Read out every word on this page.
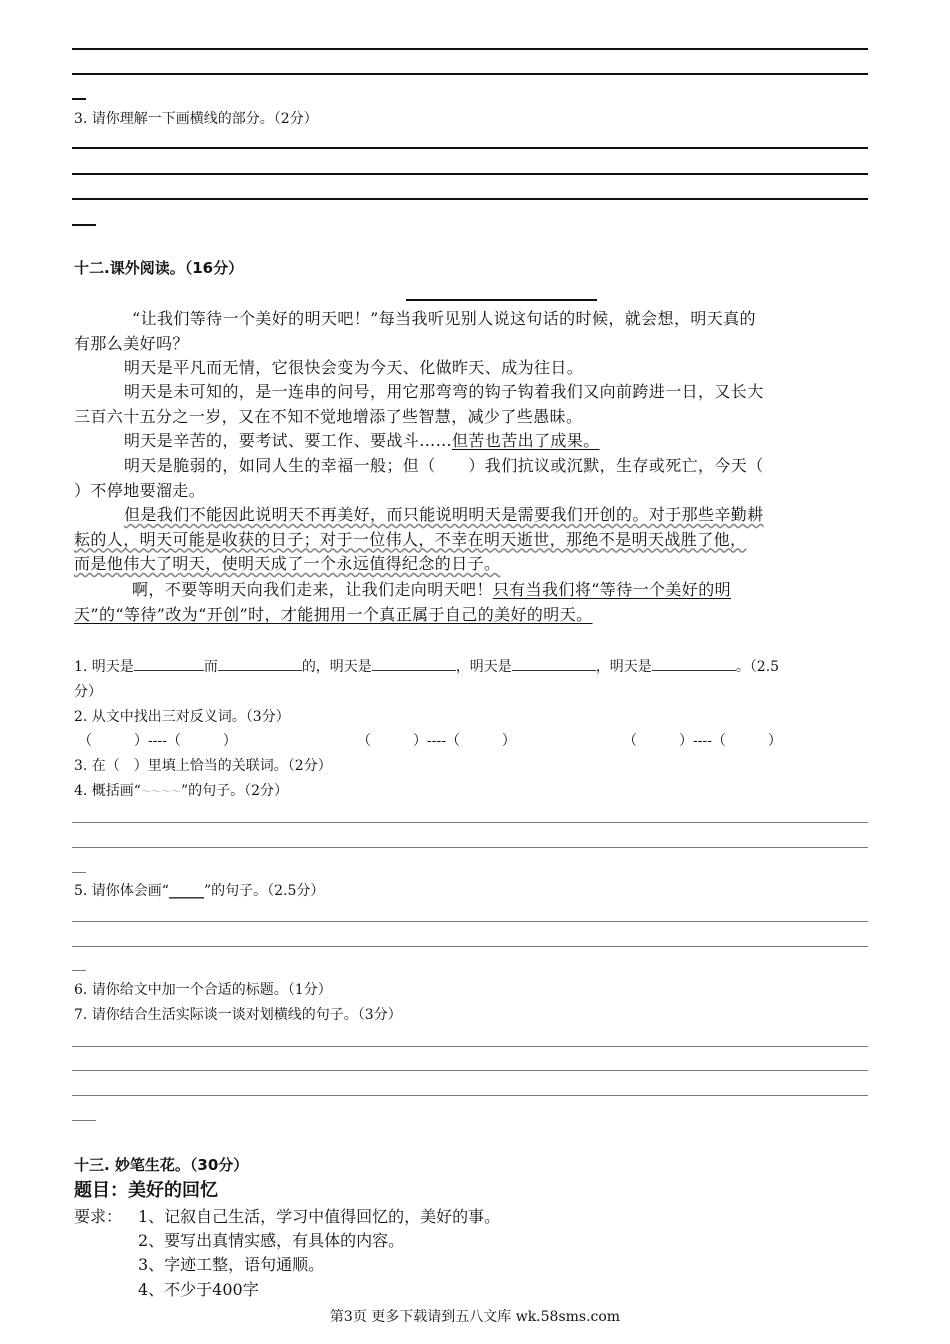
3. 请你理解一下画横线的部分。（2分）
十二.课外阅读。（16分）
“让我们等待一个美好的明天吧！”每当我听见别人说这句话的时候，就会想，明天真的
有那么美好吗？
明天是平凡而无情，它很快会变为今天、化做昨天、成为往日。
明天是未可知的，是一连串的问号，用它那弯弯的钩子钩着我们又向前跨进一日，又长大
三百六十五分之一岁，又在不知不觉地增添了些智慧，减少了些愚昧。
明天是辛苦的，要考试、要工作、要战斗……但苦也苦出了成果。
明天是脆弱的，如同人生的幸福一般；但（　　）我们抗议或沉默，生存或死亡，今天（
）不停地要溜走。
但是我们不能因此说明天不再美好，而只能说明明天是需要我们开创的。对于那些辛勤耕
耘的人，明天可能是收获的日子；对于一位伟人，不幸在明天逝世，那绝不是明天战胜了他，
而是他伟大了明天，使明天成了一个永远值得纪念的日子。
啊，不要等明天向我们走来，让我们走向明天吧！只有当我们将“等待一个美好的明
天”的“等待”改为“开创”时，才能拥用一个真正属于自己的美好的明天。
1. 明天是	而	的，明天是	，明天是	，明天是	。（2.5
分）
2. 从文中找出三对反义词。（3分）
（　　　）----（　　　）	（　　　）----（　　　）	（　　　）----（　　　）
3. 在（　）里填上恰当的关联词。（2分）
4. 概括画“～～～～”的句子。（2分）
5. 请你体会画“_____”的句子。（2.5分）
6. 请你给文中加一个合适的标题。（1分）
7. 请你结合生活实际谈一谈对划横线的句子。（3分）
十三. 妙笔生花。（30分）
题目：美好的回忆
要求： 1、记叙自己生活，学习中值得回忆的，美好的事。
2、要写出真情实感，有具体的内容。
3、字迹工整，语句通顺。
4、不少于400字
第3页 更多下载请到五八文库 wk.58sms.com
